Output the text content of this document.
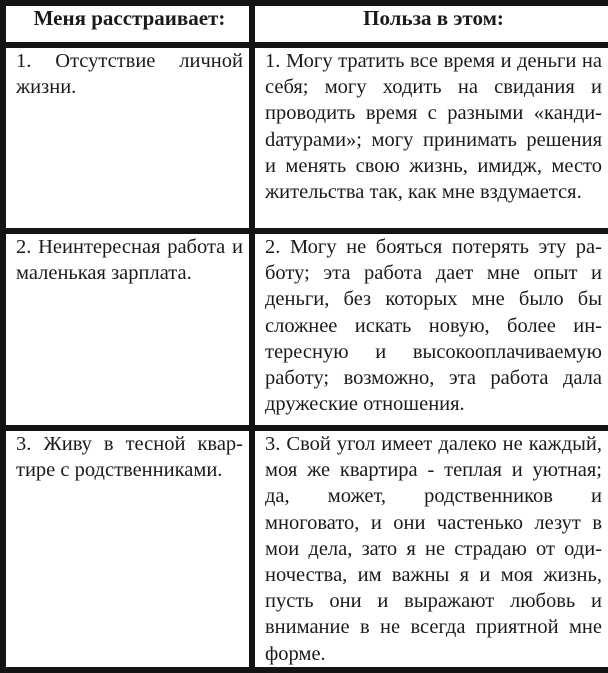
Меня расстраивает:	Польза в этом:

1. Отсутствие личной жизни.	1. Могу тратить все время и деньги на себя; могу ходить на свидания и проводить время с разными «кандиdатурами»; могу принимать решения и менять свою жизнь, имидж, место жительства так, как мне вздумается.

2. Неинтересная работа и маленькая зарплата.	2. Могу не бояться потерять эту работу; эта работа дает мне опыт и деньги, без которых мне было бы сложнее искать новую, более интересную и высокооплачиваемую работу; возможно, эта работа дала дружеские отношения.

3. Живу в тесной квартире с родственниками.	3. Свой угол имеет далеко не каждый, моя же квартира - теплая и уютная; да, может, родственников и многовато, и они частенько лезут в мои дела, зато я не страдаю от одиночества, им важны я и моя жизнь, пусть они и выражают любовь и внимание в не всегда приятной мне форме.
